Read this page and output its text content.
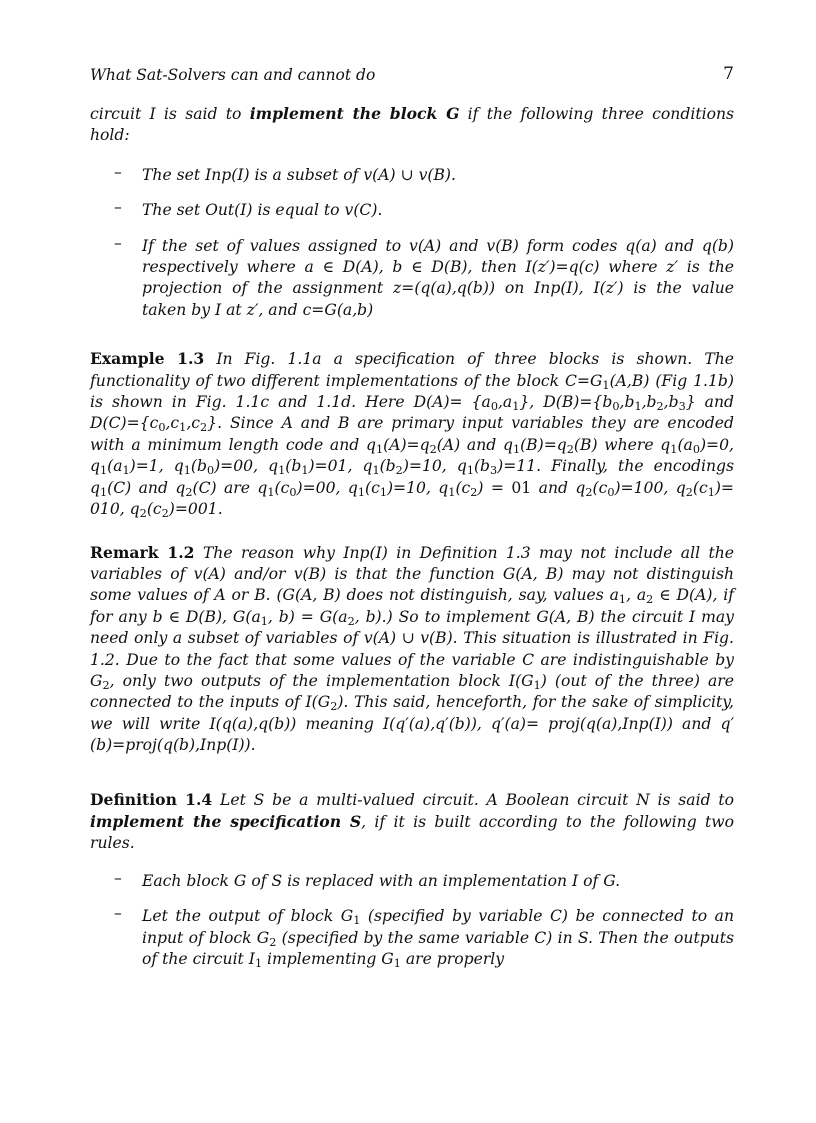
What Sat-Solvers can and cannot do	7

circuit I is said to implement the block G if the following three conditions hold:

– The set Inp(I) is a subset of v(A) ∪ v(B).
– The set Out(I) is equal to v(C).
– If the set of values assigned to v(A) and v(B) form codes q(a) and q(b) respectively where a ∈ D(A), b ∈ D(B), then I(z′)=q(c) where z′ is the projection of the assignment z=(q(a),q(b)) on Inp(I), I(z′) is the value taken by I at z′, and c=G(a,b)

Example 1.3 In Fig. 1.1a a specification of three blocks is shown. The functionality of two different implementations of the block $C=G_1(A,B)$ (Fig 1.1b) is shown in Fig. 1.1c and 1.1d. Here $D(A)= \{a_0,a_1\}$, $D(B)=\{b_0,b_1,b_2,b_3\}$ and $D(C)=\{c_0,c_1,c_2\}$. Since A and B are primary input variables they are encoded with a minimum length code and $q_1(A)=q_2(A)$ and $q_1(B)=q_2(B)$ where $q_1(a_0)=0$, $q_1(a_1)=1$, $q_1(b_0)=00$, $q_1(b_1)=01$, $q_1(b_2)=10$, $q_1(b_3)=11$. Finally, the encodings $q_1(C)$ and $q_2(C)$ are $q_1(c_0)=00$, $q_1(c_1)=10$, $q_1(c_2) = 01$ and $q_2(c_0)=100$, $q_2(c_1)= 010$, $q_2(c_2)=001$.

Remark 1.2 The reason why Inp(I) in Definition 1.3 may not include all the variables of v(A) and/or v(B) is that the function G(A, B) may not distinguish some values of A or B. (G(A, B) does not distinguish, say, values $a_1$, $a_2$ ∈ D(A), if for any b ∈ D(B), $G(a_1$, $b) = G(a_2$, b).) So to implement G(A, B) the circuit I may need only a subset of variables of v(A) ∪ v(B). This situation is illustrated in Fig. 1.2. Due to the fact that some values of the variable C are indistinguishable by $G_2$, only two outputs of the implementation block $I(G_1)$ (out of the three) are connected to the inputs of $I(G_2)$. This said, henceforth, for the sake of simplicity, we will write I(q(a),q(b)) meaning I(q′(a),q′(b)), q′(a)= proj(q(a),Inp(I)) and q′(b)=proj(q(b),Inp(I)).

Definition 1.4 Let S be a multi-valued circuit. A Boolean circuit N is said to implement the specification S, if it is built according to the following two rules.

– Each block G of S is replaced with an implementation I of G.
– Let the output of block $G_1$ (specified by variable C) be connected to an input of block $G_2$ (specified by the same variable C) in S. Then the outputs of the circuit $I_1$ implementing $G_1$ are properly
